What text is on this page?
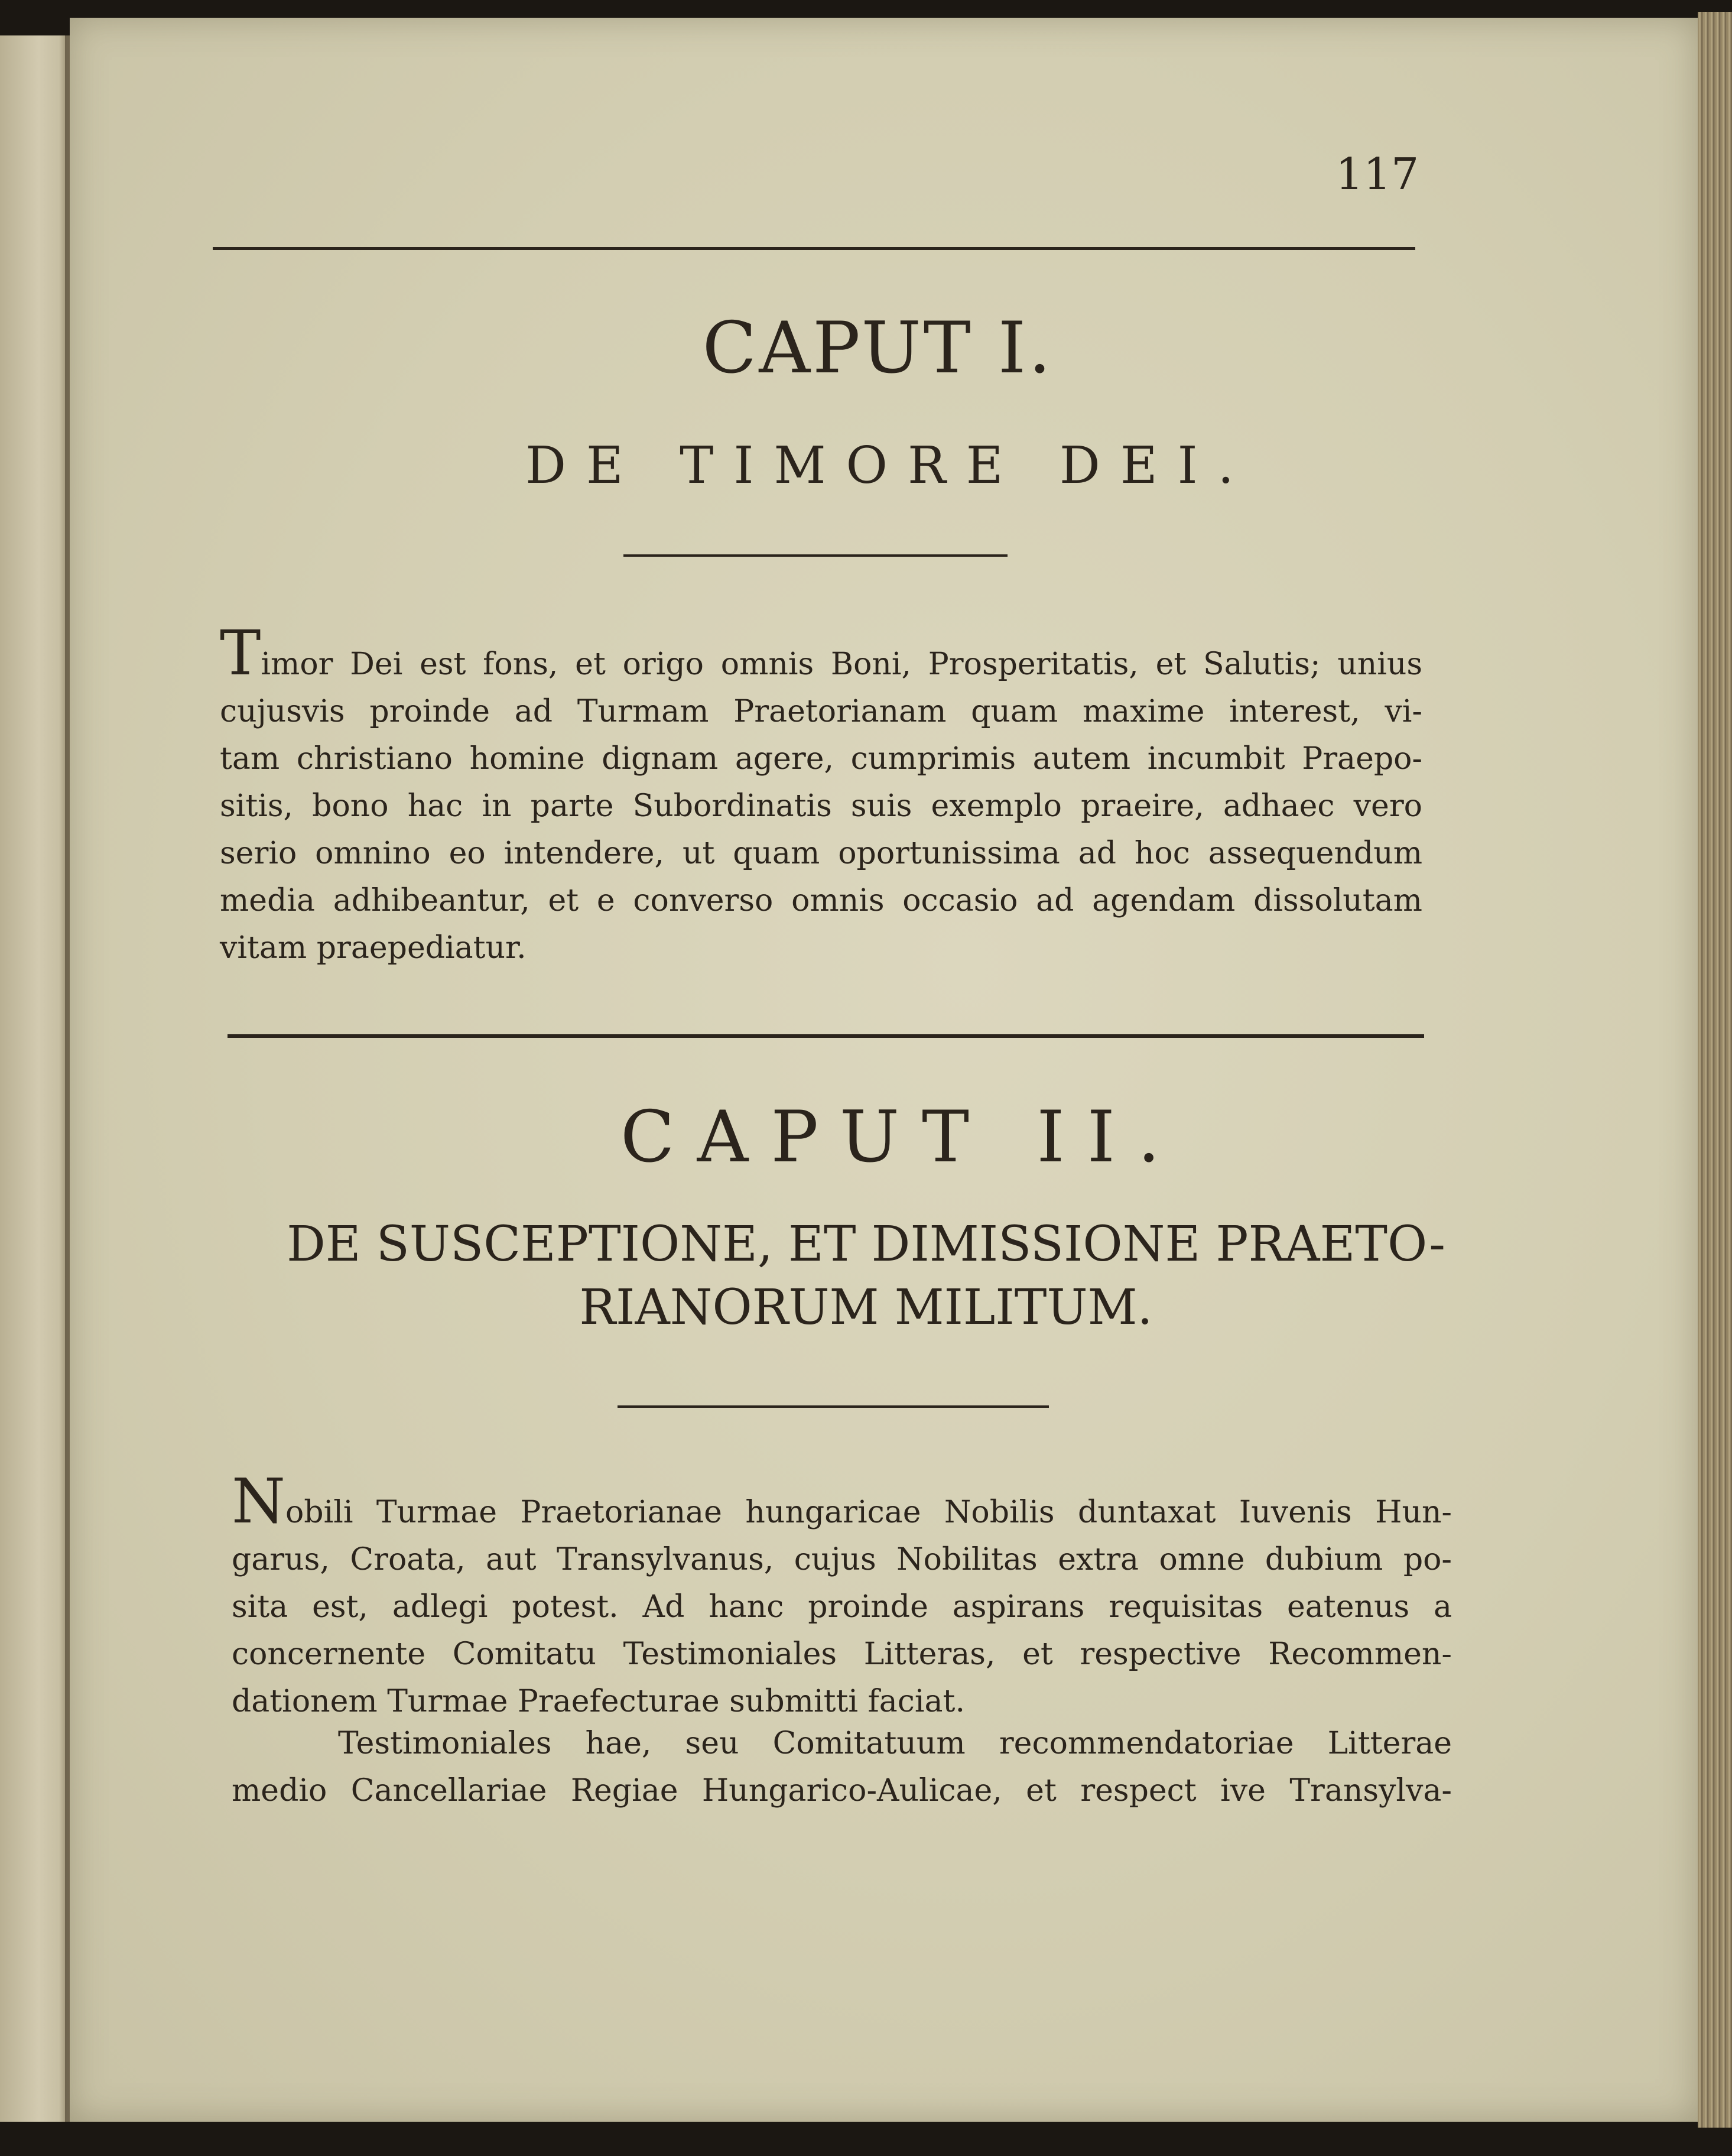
117
CAPUT I.
DE TIMORE DEI.
Timor Dei est fons, et origo omnis Boni, Prosperitatis, et Salutis; unius
cujusvis proinde ad Turmam Praetorianam quam maxime interest, vi-
tam christiano homine dignam agere, cumprimis autem incumbit Praepo-
sitis, bono hac in parte Subordinatis suis exemplo praeire, adhaec vero
serio omnino eo intendere, ut quam oportunissima ad hoc assequendum
media adhibeantur, et e converso omnis occasio ad agendam dissolutam
vitam praepediatur.
CAPUT II.
DE SUSCEPTIONE, ET DIMISSIONE PRAETO-
RIANORUM MILITUM.
Nobili Turmae Praetorianae hungaricae Nobilis duntaxat Iuvenis Hun-
garus, Croata, aut Transylvanus, cujus Nobilitas extra omne dubium po-
sita est, adlegi potest. Ad hanc proinde aspirans requisitas eatenus a
concernente Comitatu Testimoniales Litteras, et respective Recommen-
dationem Turmae Praefecturae submitti faciat.
Testimoniales hae, seu Comitatuum recommendatoriae Litterae
medio Cancellariae Regiae Hungarico-Aulicae, et respect ive Transylva-
